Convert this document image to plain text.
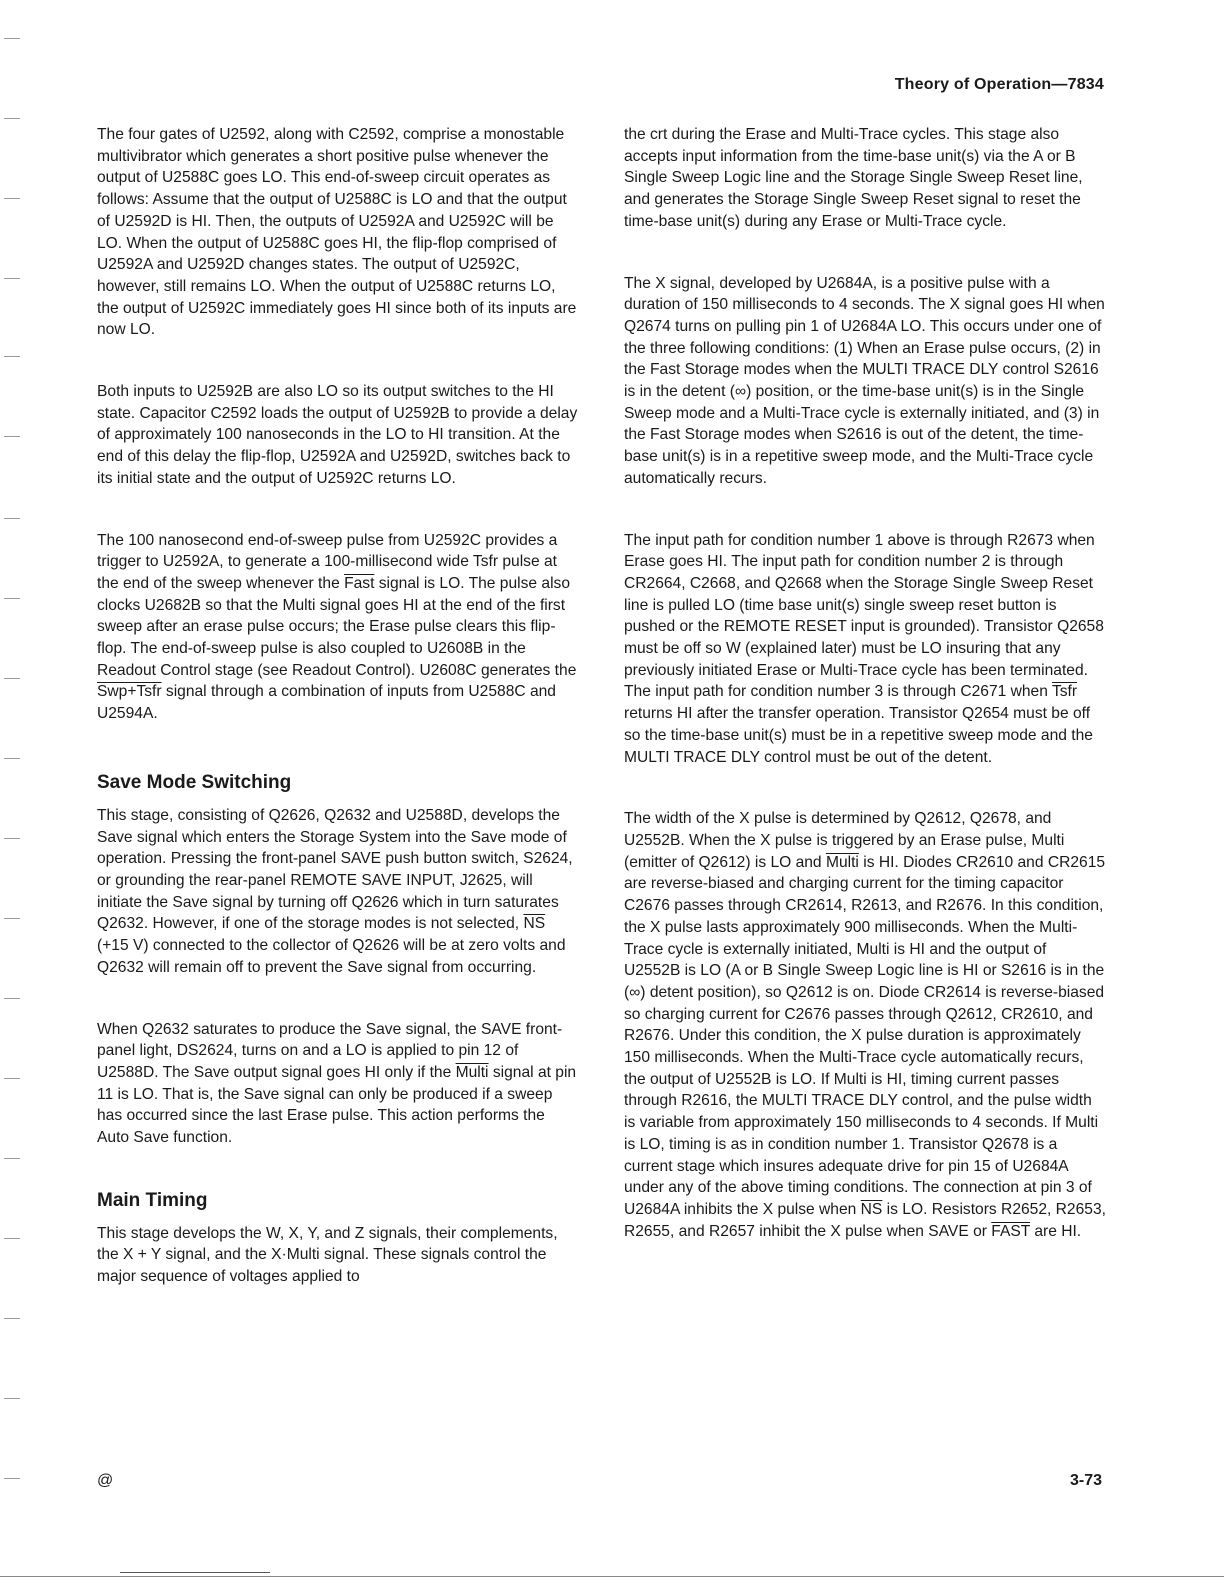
Theory of Operation—7834

The four gates of U2592, along with C2592, comprise a monostable multivibrator which generates a short positive pulse whenever the output of U2588C goes LO. This end-of-sweep circuit operates as follows: Assume that the output of U2588C is LO and that the output of U2592D is HI. Then, the outputs of U2592A and U2592C will be LO. When the output of U2588C goes HI, the flip-flop comprised of U2592A and U2592D changes states. The output of U2592C, however, still remains LO. When the output of U2588C returns LO, the output of U2592C immediately goes HI since both of its inputs are now LO.

Both inputs to U2592B are also LO so its output switches to the HI state. Capacitor C2592 loads the output of U2592B to provide a delay of approximately 100 nanoseconds in the LO to HI transition. At the end of this delay the flip-flop, U2592A and U2592D, switches back to its initial state and the output of U2592C returns LO.

The 100 nanosecond end-of-sweep pulse from U2592C provides a trigger to U2592A, to generate a 100-millisecond wide Tsfr pulse at the end of the sweep whenever the Fast signal is LO. The pulse also clocks U2682B so that the Multi signal goes HI at the end of the first sweep after an erase pulse occurs; the Erase pulse clears this flip-flop. The end-of-sweep pulse is also coupled to U2608B in the Readout Control stage (see Readout Control). U2608C generates the Swp+Tsfr signal through a combination of inputs from U2588C and U2594A.

Save Mode Switching

This stage, consisting of Q2626, Q2632 and U2588D, develops the Save signal which enters the Storage System into the Save mode of operation. Pressing the front-panel SAVE push button switch, S2624, or grounding the rear-panel REMOTE SAVE INPUT, J2625, will initiate the Save signal by turning off Q2626 which in turn saturates Q2632. However, if one of the storage modes is not selected, $\overline{NS}$ (+15 V) connected to the collector of Q2626 will be at zero volts and Q2632 will remain off to prevent the Save signal from occurring.

When Q2632 saturates to produce the Save signal, the SAVE front-panel light, DS2624, turns on and a LO is applied to pin 12 of U2588D. The Save output signal goes HI only if the Multi signal at pin 11 is LO. That is, the Save signal can only be produced if a sweep has occurred since the last Erase pulse. This action performs the Auto Save function.

Main Timing

This stage develops the W, X, Y, and Z signals, their complements, the X + Y signal, and the X·Multi signal. These signals control the major sequence of voltages applied to

the crt during the Erase and Multi-Trace cycles. This stage also accepts input information from the time-base unit(s) via the A or B Single Sweep Logic line and the Storage Single Sweep Reset line, and generates the Storage Single Sweep Reset signal to reset the time-base unit(s) during any Erase or Multi-Trace cycle.

The X signal, developed by U2684A, is a positive pulse with a duration of 150 milliseconds to 4 seconds. The X signal goes HI when Q2674 turns on pulling pin 1 of U2684A LO. This occurs under one of the three following conditions: (1) When an Erase pulse occurs, (2) in the Fast Storage modes when the MULTI TRACE DLY control S2616 is in the detent (∞) position, or the time-base unit(s) is in the Single Sweep mode and a Multi-Trace cycle is externally initiated, and (3) in the Fast Storage modes when S2616 is out of the detent, the time-base unit(s) is in a repetitive sweep mode, and the Multi-Trace cycle automatically recurs.

The input path for condition number 1 above is through R2673 when Erase goes HI. The input path for condition number 2 is through CR2664, C2668, and Q2668 when the Storage Single Sweep Reset line is pulled LO (time base unit(s) single sweep reset button is pushed or the REMOTE RESET input is grounded). Transistor Q2658 must be off so W (explained later) must be LO insuring that any previously initiated Erase or Multi-Trace cycle has been terminated. The input path for condition number 3 is through C2671 when Tsfr returns HI after the transfer operation. Transistor Q2654 must be off so the time-base unit(s) must be in a repetitive sweep mode and the MULTI TRACE DLY control must be out of the detent.

The width of the X pulse is determined by Q2612, Q2678, and U2552B. When the X pulse is triggered by an Erase pulse, Multi (emitter of Q2612) is LO and Multi is HI. Diodes CR2610 and CR2615 are reverse-biased and charging current for the timing capacitor C2676 passes through CR2614, R2613, and R2676. In this condition, the X pulse lasts approximately 900 milliseconds. When the Multi-Trace cycle is externally initiated, Multi is HI and the output of U2552B is LO (A or B Single Sweep Logic line is HI or S2616 is in the (∞) detent position), so Q2612 is on. Diode CR2614 is reverse-biased so charging current for C2676 passes through Q2612, CR2610, and R2676. Under this condition, the X pulse duration is approximately 150 milliseconds. When the Multi-Trace cycle automatically recurs, the output of U2552B is LO. If Multi is HI, timing current passes through R2616, the MULTI TRACE DLY control, and the pulse width is variable from approximately 150 milliseconds to 4 seconds. If Multi is LO, timing is as in condition number 1. Transistor Q2678 is a current stage which insures adequate drive for pin 15 of U2684A under any of the above timing conditions. The connection at pin 3 of U2684A inhibits the X pulse when $\overline{NS}$ is LO. Resistors R2652, R2653, R2655, and R2657 inhibit the X pulse when SAVE or FAST are HI.

@	3-73
